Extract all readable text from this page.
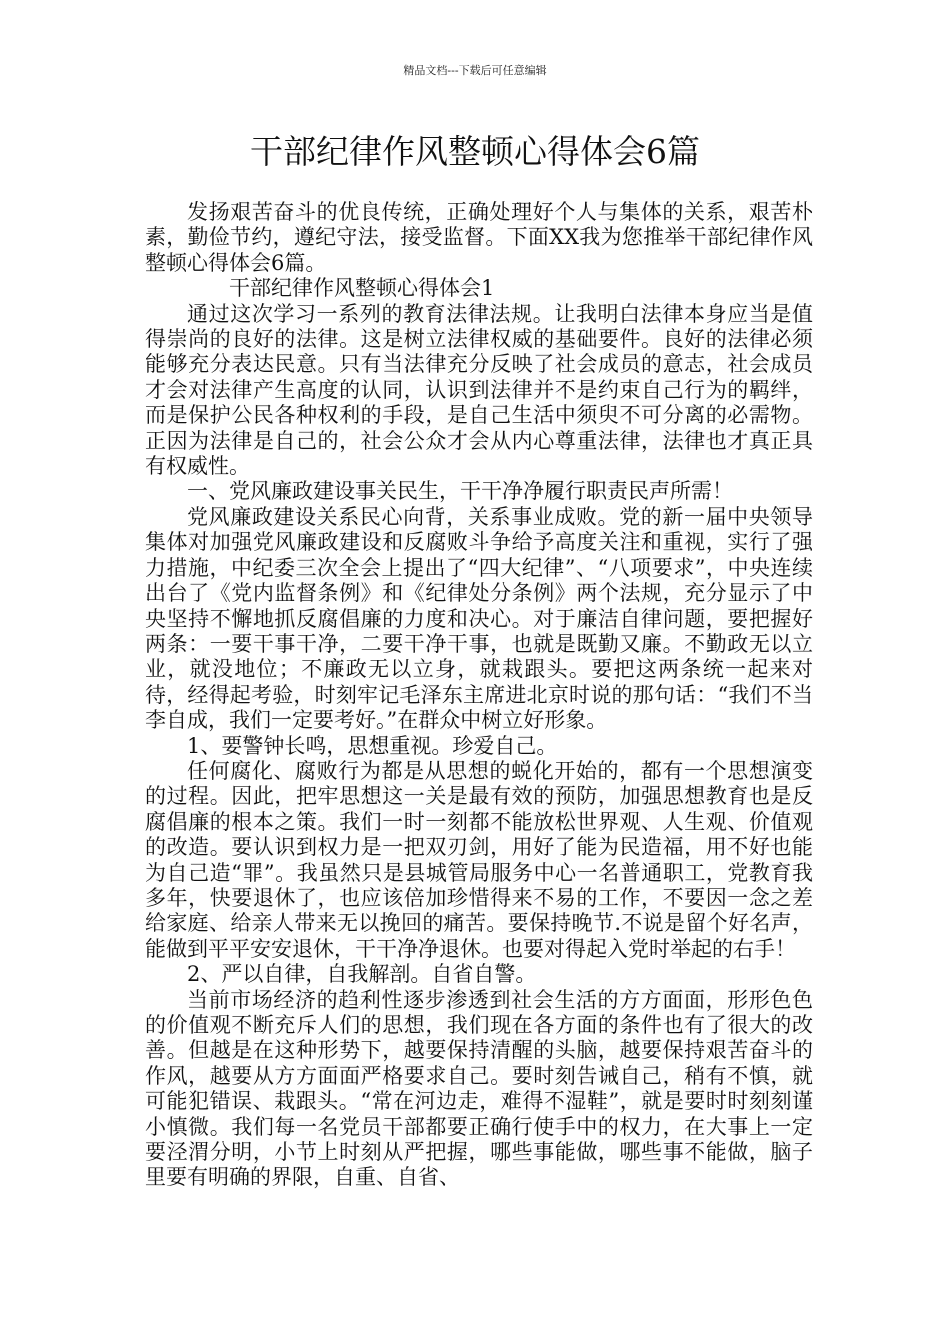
精品文档---下载后可任意编辑
干部纪律作风整顿心得体会6篇

发扬艰苦奋斗的优良传统，正确处理好个人与集体的关系，艰苦朴素，勤俭节约，遵纪守法，接受监督。下面XX我为您推举干部纪律作风整顿心得体会6篇。

干部纪律作风整顿心得体会1

通过这次学习一系列的教育法律法规。让我明白法律本身应当是值得崇尚的良好的法律。这是树立法律权威的基础要件。良好的法律必须能够充分表达民意。只有当法律充分反映了社会成员的意志，社会成员才会对法律产生高度的认同，认识到法律并不是约束自己行为的羁绊，而是保护公民各种权利的手段，是自己生活中须臾不可分离的必需物。正因为法律是自己的，社会公众才会从内心尊重法律，法律也才真正具有权威性。

一、党风廉政建设事关民生，干干净净履行职责民声所需！

党风廉政建设关系民心向背，关系事业成败。党的新一届中央领导集体对加强党风廉政建设和反腐败斗争给予高度关注和重视，实行了强力措施，中纪委三次全会上提出了“四大纪律”、“八项要求”，中央连续出台了《党内监督条例》和《纪律处分条例》两个法规，充分显示了中央坚持不懈地抓反腐倡廉的力度和决心。对于廉洁自律问题，要把握好两条：一要干事干净，二要干净干事，也就是既勤又廉。不勤政无以立业，就没地位；不廉政无以立身，就栽跟头。要把这两条统一起来对待，经得起考验，时刻牢记毛泽东主席进北京时说的那句话：“我们不当李自成，我们一定要考好。”在群众中树立好形象。

1、要警钟长鸣，思想重视。珍爱自己。

任何腐化、腐败行为都是从思想的蜕化开始的，都有一个思想演变的过程。因此，把牢思想这一关是最有效的预防，加强思想教育也是反腐倡廉的根本之策。我们一时一刻都不能放松世界观、人生观、价值观的改造。要认识到权力是一把双刃剑，用好了能为民造福，用不好也能为自己造“罪”。我虽然只是县城管局服务中心一名普通职工，党教育我多年，快要退休了，也应该倍加珍惜得来不易的工作，不要因一念之差给家庭、给亲人带来无以挽回的痛苦。要保持晚节.不说是留个好名声，能做到平平安安退休，干干净净退休。也要对得起入党时举起的右手！

2、严以自律，自我解剖。自省自警。

当前市场经济的趋利性逐步渗透到社会生活的方方面面，形形色色的价值观不断充斥人们的思想，我们现在各方面的条件也有了很大的改善。但越是在这种形势下，越要保持清醒的头脑，越要保持艰苦奋斗的作风，越要从方方面面严格要求自己。要时刻告诫自己，稍有不慎，就可能犯错误、栽跟头。“常在河边走，难得不湿鞋”，就是要时时刻刻谨小慎微。我们每一名党员干部都要正确行使手中的权力，在大事上一定要泾渭分明，小节上时刻从严把握，哪些事能做，哪些事不能做，脑子里要有明确的界限，自重、自省、
